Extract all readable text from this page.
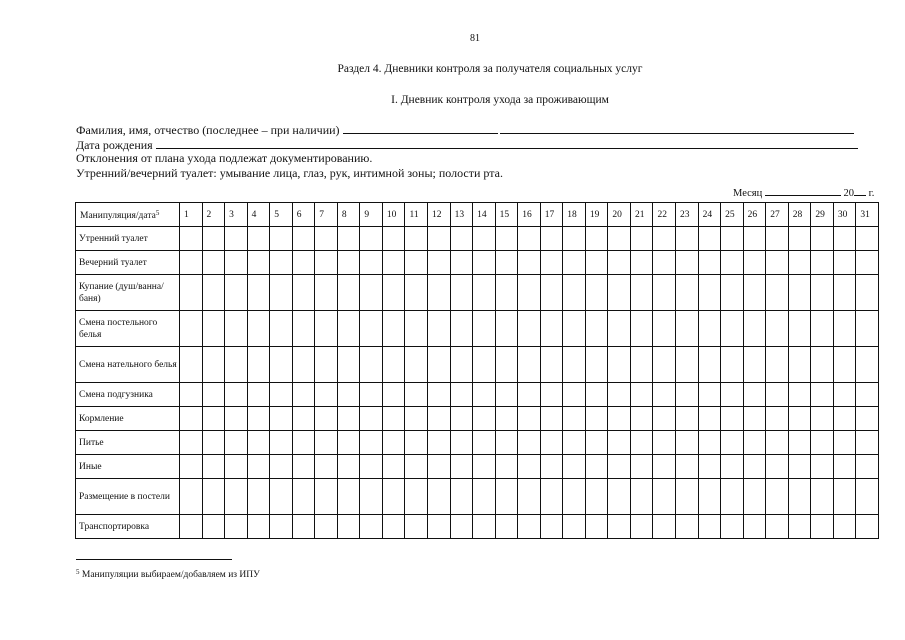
81
Раздел 4. Дневники контроля за получателя социальных услуг
I. Дневник контроля ухода за проживающим
Фамилия, имя, отчество (последнее – при наличии)
Дата рождения
Отклонения от плана ухода подлежат документированию.
Утренний/вечерний туалет: умывание лица, глаз, рук, интимной зоны; полости рта.
Месяц	20 г.
Манипуляция/дата$^5$	1	2	3	4	5	6	7	8	9	10	11	12	13	14	15	16	17	18	19	20	21	22	23	24	25	26	27	28	29	30	31
Утренний туалет																															
Вечерний туалет																															
Купание (душ/ванна/баня)																															
Смена постельного белья																															
Смена нательного белья																															
Смена подгузника																															
Кормление																															
Питье																															
Иные																															
Размещение в постели																															
Транспортировка																															
$^5$ Манипуляции выбираем/добавляем из ИПУ
